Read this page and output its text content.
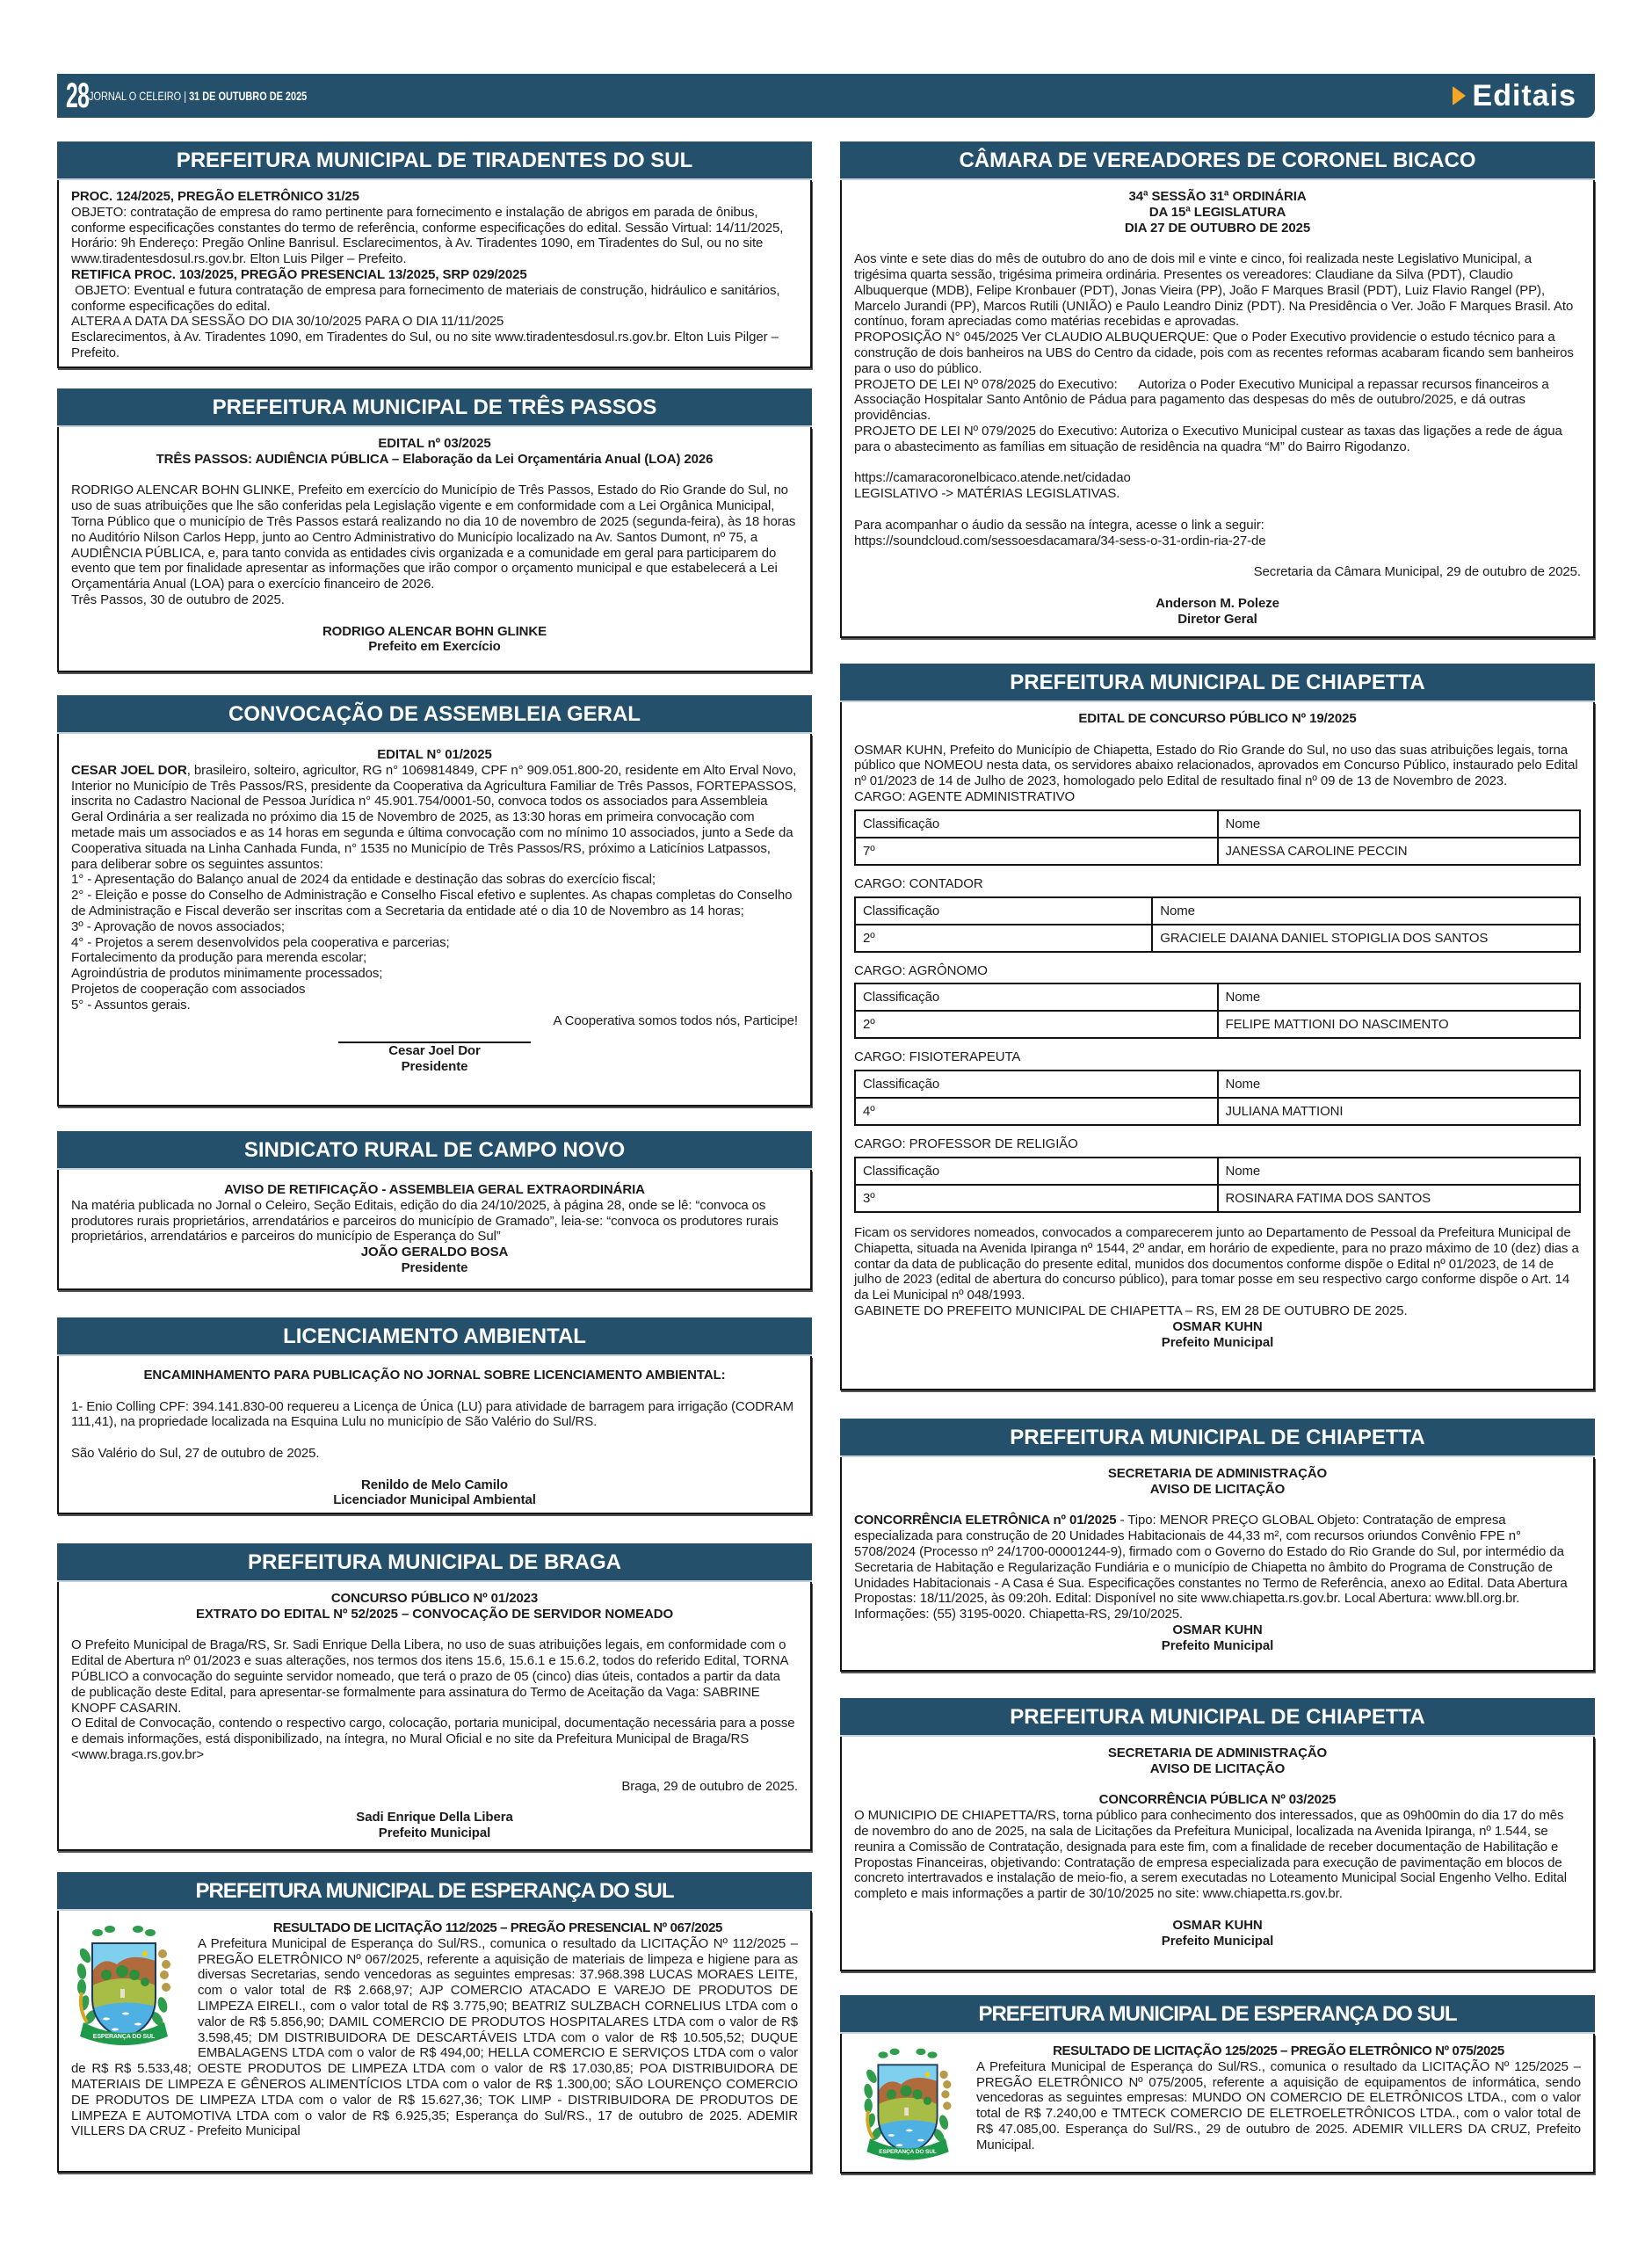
28 JORNAL O CELEIRO | 31 DE OUTUBRO DE 2025	Editais
PREFEITURA MUNICIPAL DE TIRADENTES DO SUL

PROC. 124/2025, PREGÃO ELETRÔNICO 31/25

OBJETO: contratação de empresa do ramo pertinente para fornecimento e instalação de abrigos em parada de ônibus, conforme especificações constantes do termo de referência, conforme especificações do edital. Sessão Virtual: 14/11/2025, Horário: 9h Endereço: Pregão Online Banrisul. Esclarecimentos, à Av. Tiradentes 1090, em Tiradentes do Sul, ou no site www.tiradentesdosul.rs.gov.br. Elton Luis Pilger – Prefeito.

RETIFICA PROC. 103/2025, PREGÃO PRESENCIAL 13/2025, SRP 029/2025

OBJETO: Eventual e futura contratação de empresa para fornecimento de materiais de construção, hidráulico e sanitários, conforme especificações do edital.

ALTERA A DATA DA SESSÃO DO DIA 30/10/2025 PARA O DIA 11/11/2025

Esclarecimentos, à Av. Tiradentes 1090, em Tiradentes do Sul, ou no site www.tiradentesdosul.rs.gov.br. Elton Luis Pilger – Prefeito.

PREFEITURA MUNICIPAL DE TRÊS PASSOS

EDITAL nº 03/2025

TRÊS PASSOS: AUDIÊNCIA PÚBLICA – Elaboração da Lei Orçamentária Anual (LOA) 2026

RODRIGO ALENCAR BOHN GLINKE, Prefeito em exercício do Município de Três Passos, Estado do Rio Grande do Sul, no uso de suas atribuições que lhe são conferidas pela Legislação vigente e em conformidade com a Lei Orgânica Municipal, Torna Público que o município de Três Passos estará realizando no dia 10 de novembro de 2025 (segunda-feira), às 18 horas no Auditório Nilson Carlos Hepp, junto ao Centro Administrativo do Município localizado na Av. Santos Dumont, nº 75, a AUDIÊNCIA PÚBLICA, e, para tanto convida as entidades civis organizada e a comunidade em geral para participarem do evento que tem por finalidade apresentar as informações que irão compor o orçamento municipal e que estabelecerá a Lei Orçamentária Anual (LOA) para o exercício financeiro de 2026.

Três Passos, 30 de outubro de 2025.

RODRIGO ALENCAR BOHN GLINKE

Prefeito em Exercício

CONVOCAÇÃO DE ASSEMBLEIA GERAL

EDITAL N° 01/2025

CESAR JOEL DOR, brasileiro, solteiro, agricultor, RG n° 1069814849, CPF n° 909.051.800-20, residente em Alto Erval Novo, Interior no Município de Três Passos/RS, presidente da Cooperativa da Agricultura Familiar de Três Passos, FORTEPASSOS, inscrita no Cadastro Nacional de Pessoa Jurídica n° 45.901.754/0001-50, convoca todos os associados para Assembleia Geral Ordinária a ser realizada no próximo dia 15 de Novembro de 2025, as 13:30 horas em primeira convocação com metade mais um associados e as 14 horas em segunda e última convocação com no mínimo 10 associados, junto a Sede da Cooperativa situada na Linha Canhada Funda, n° 1535 no Município de Três Passos/RS, próximo a Laticínios Latpassos, para deliberar sobre os seguintes assuntos:

1° - Apresentação do Balanço anual de 2024 da entidade e destinação das sobras do exercício fiscal;

2° - Eleição e posse do Conselho de Administração e Conselho Fiscal efetivo e suplentes. As chapas completas do Conselho de Administração e Fiscal deverão ser inscritas com a Secretaria da entidade até o dia 10 de Novembro as 14 horas;

3º - Aprovação de novos associados;

4° - Projetos a serem desenvolvidos pela cooperativa e parcerias;

Fortalecimento da produção para merenda escolar;

Agroindústria de produtos minimamente processados;

Projetos de cooperação com associados

5° - Assuntos gerais.

A Cooperativa somos todos nós, Participe!

Cesar Joel Dor

Presidente

SINDICATO RURAL DE CAMPO NOVO

AVISO DE RETIFICAÇÃO - ASSEMBLEIA GERAL EXTRAORDINÁRIA

Na matéria publicada no Jornal o Celeiro, Seção Editais, edição do dia 24/10/2025, à página 28, onde se lê: “convoca os produtores rurais proprietários, arrendatários e parceiros do município de Gramado”, leia-se: “convoca os produtores rurais proprietários, arrendatários e parceiros do município de Esperança do Sul”

JOÃO GERALDO BOSA

Presidente

LICENCIAMENTO AMBIENTAL

ENCAMINHAMENTO PARA PUBLICAÇÃO NO JORNAL SOBRE LICENCIAMENTO AMBIENTAL:

1- Enio Colling CPF: 394.141.830-00 requereu a Licença de Única (LU) para atividade de barragem para irrigação (CODRAM 111,41), na propriedade localizada na Esquina Lulu no município de São Valério do Sul/RS.

São Valério do Sul, 27 de outubro de 2025.

Renildo de Melo Camilo

Licenciador Municipal Ambiental

PREFEITURA MUNICIPAL DE BRAGA

CONCURSO PÚBLICO Nº 01/2023

EXTRATO DO EDITAL Nº 52/2025 – CONVOCAÇÃO DE SERVIDOR NOMEADO

O Prefeito Municipal de Braga/RS, Sr. Sadi Enrique Della Libera, no uso de suas atribuições legais, em conformidade com o Edital de Abertura nº 01/2023 e suas alterações, nos termos dos itens 15.6, 15.6.1 e 15.6.2, todos do referido Edital, TORNA PÚBLICO a convocação do seguinte servidor nomeado, que terá o prazo de 05 (cinco) dias úteis, contados a partir da data de publicação deste Edital, para apresentar-se formalmente para assinatura do Termo de Aceitação da Vaga: SABRINE KNOPF CASARIN.

O Edital de Convocação, contendo o respectivo cargo, colocação, portaria municipal, documentação necessária para a posse e demais informações, está disponibilizado, na íntegra, no Mural Oficial e no site da Prefeitura Municipal de Braga/RS <www.braga.rs.gov.br>

Braga, 29 de outubro de 2025.

Sadi Enrique Della Libera

Prefeito Municipal

PREFEITURA MUNICIPAL DE ESPERANÇA DO SUL
ESPERANÇA DO SUL

RESULTADO DE LICITAÇÃO 112/2025 – PREGÃO PRESENCIAL Nº 067/2025

A Prefeitura Municipal de Esperança do Sul/RS., comunica o resultado da LICITAÇÃO Nº 112/2025 – PREGÃO ELETRÔNICO Nº 067/2025, referente a aquisição de materiais de limpeza e higiene para as diversas Secretarias, sendo vencedoras as seguintes empresas: 37.968.398 LUCAS MORAES LEITE, com o valor total de R$ 2.668,97; AJP COMERCIO ATACADO E VAREJO DE PRODUTOS DE LIMPEZA EIRELI., com o valor total de R$ 3.775,90; BEATRIZ SULZBACH CORNELIUS LTDA com o valor de R$ 5.856,90; DAMIL COMERCIO DE PRODUTOS HOSPITALARES LTDA com o valor de R$ 3.598,45; DM DISTRIBUIDORA DE DESCARTÁVEIS LTDA com o valor de R$ 10.505,52; DUQUE EMBALAGENS LTDA com o valor de R$ 494,00; HELLA COMERCIO E SERVIÇOS LTDA com o valor de R$ R$ 5.533,48; OESTE PRODUTOS DE LIMPEZA LTDA com o valor de R$ 17.030,85; POA DISTRIBUIDORA DE MATERIAIS DE LIMPEZA E GÊNEROS ALIMENTÍCIOS LTDA com o valor de R$ 1.300,00; SÃO LOURENÇO COMERCIO DE PRODUTOS DE LIMPEZA LTDA com o valor de R$ 15.627,36; TOK LIMP - DISTRIBUIDORA DE PRODUTOS DE LIMPEZA E AUTOMOTIVA LTDA com o valor de R$ 6.925,35; Esperança do Sul/RS., 17 de outubro de 2025. ADEMIR VILLERS DA CRUZ - Prefeito Municipal

CÂMARA DE VEREADORES DE CORONEL BICACO

34ª SESSÃO 31ª ORDINÁRIA

DA 15ª LEGISLATURA

DIA 27 DE OUTUBRO DE 2025

Aos vinte e sete dias do mês de outubro do ano de dois mil e vinte e cinco, foi realizada neste Legislativo Municipal, a trigésima quarta sessão, trigésima primeira ordinária. Presentes os vereadores: Claudiane da Silva (PDT), Claudio Albuquerque (MDB), Felipe Kronbauer (PDT), Jonas Vieira (PP), João F Marques Brasil (PDT), Luiz Flavio Rangel (PP), Marcelo Jurandi (PP), Marcos Rutili (UNIÃO) e Paulo Leandro Diniz (PDT). Na Presidência o Ver. João F Marques Brasil. Ato contínuo, foram apreciadas como matérias recebidas e aprovadas.

PROPOSIÇÃO N° 045/2025 Ver CLAUDIO ALBUQUERQUE: Que o Poder Executivo providencie o estudo técnico para a construção de dois banheiros na UBS do Centro da cidade, pois com as recentes reformas acabaram ficando sem banheiros para o uso do público.

PROJETO DE LEI Nº 078/2025 do Executivo:      Autoriza o Poder Executivo Municipal a repassar recursos financeiros a Associação Hospitalar Santo Antônio de Pádua para pagamento das despesas do mês de outubro/2025, e dá outras providências.

PROJETO DE LEI Nº 079/2025 do Executivo: Autoriza o Executivo Municipal custear as taxas das ligações a rede de água para o abastecimento as famílias em situação de residência na quadra “M” do Bairro Rigodanzo.

https://camaracoronelbicaco.atende.net/cidadao

LEGISLATIVO -> MATÉRIAS LEGISLATIVAS.

Para acompanhar o áudio da sessão na íntegra, acesse o link a seguir:

https://soundcloud.com/sessoesdacamara/34-sess-o-31-ordin-ria-27-de

Secretaria da Câmara Municipal, 29 de outubro de 2025.

Anderson M. Poleze

Diretor Geral

PREFEITURA MUNICIPAL DE CHIAPETTA

EDITAL DE CONCURSO PÚBLICO Nº 19/2025

OSMAR KUHN, Prefeito do Município de Chiapetta, Estado do Rio Grande do Sul, no uso das suas atribuições legais, torna público que NOMEOU nesta data, os servidores abaixo relacionados, aprovados em Concurso Público, instaurado pelo Edital nº 01/2023 de 14 de Julho de 2023, homologado pelo Edital de resultado final nº 09 de 13 de Novembro de 2023.

CARGO: AGENTE ADMINISTRATIVO

Classificação	Nome
7º	JANESSA CAROLINE PECCIN

CARGO: CONTADOR

Classificação	Nome
2º	GRACIELE DAIANA DANIEL STOPIGLIA DOS SANTOS

CARGO: AGRÔNOMO

Classificação	Nome
2º	FELIPE MATTIONI DO NASCIMENTO

CARGO: FISIOTERAPEUTA

Classificação	Nome
4º	JULIANA MATTIONI

CARGO: PROFESSOR DE RELIGIÃO

Classificação	Nome
3º	ROSINARA FATIMA DOS SANTOS

Ficam os servidores nomeados, convocados a comparecerem junto ao Departamento de Pessoal da Prefeitura Municipal de Chiapetta, situada na Avenida Ipiranga nº 1544, 2º andar, em horário de expediente, para no prazo máximo de 10 (dez) dias a contar da data de publicação do presente edital, munidos dos documentos conforme dispõe o Edital nº 01/2023, de 14 de julho de 2023 (edital de abertura do concurso público), para tomar posse em seu respectivo cargo conforme dispõe o Art. 14 da Lei Municipal nº 048/1993.

GABINETE DO PREFEITO MUNICIPAL DE CHIAPETTA – RS, EM 28 DE OUTUBRO DE 2025.

OSMAR KUHN

Prefeito Municipal

PREFEITURA MUNICIPAL DE CHIAPETTA

SECRETARIA DE ADMINISTRAÇÃO

AVISO DE LICITAÇÃO

CONCORRÊNCIA ELETRÔNICA nº 01/2025 - Tipo: MENOR PREÇO GLOBAL Objeto: Contratação de empresa especializada para construção de 20 Unidades Habitacionais de 44,33 m², com recursos oriundos Convênio FPE n° 5708/2024 (Processo nº 24/1700-00001244-9), firmado com o Governo do Estado do Rio Grande do Sul, por intermédio da Secretaria de Habitação e Regularização Fundiária e o município de Chiapetta no âmbito do Programa de Construção de Unidades Habitacionais - A Casa é Sua. Especificações constantes no Termo de Referência, anexo ao Edital. Data Abertura Propostas: 18/11/2025, às 09:20h. Edital: Disponível no site www.chiapetta.rs.gov.br. Local Abertura: www.bll.org.br. Informações: (55) 3195-0020. Chiapetta-RS, 29/10/2025.

OSMAR KUHN

Prefeito Municipal

PREFEITURA MUNICIPAL DE CHIAPETTA

SECRETARIA DE ADMINISTRAÇÃO

AVISO DE LICITAÇÃO

CONCORRÊNCIA PÚBLICA Nº 03/2025

O MUNICIPIO DE CHIAPETTA/RS, torna público para conhecimento dos interessados, que as 09h00min do dia 17 do mês de novembro do ano de 2025, na sala de Licitações da Prefeitura Municipal, localizada na Avenida Ipiranga, nº 1.544, se reunira a Comissão de Contratação, designada para este fim, com a finalidade de receber documentação de Habilitação e Propostas Financeiras, objetivando: Contratação de empresa especializada para execução de pavimentação em blocos de concreto intertravados e instalação de meio-fio, a serem executadas no Loteamento Municipal Social Engenho Velho. Edital completo e mais informações a partir de 30/10/2025 no site: www.chiapetta.rs.gov.br.

OSMAR KUHN

Prefeito Municipal

PREFEITURA MUNICIPAL DE ESPERANÇA DO SUL
ESPERANÇA DO SUL

RESULTADO DE LICITAÇÃO 125/2025 – PREGÃO ELETRÔNICO Nº 075/2025

A Prefeitura Municipal de Esperança do Sul/RS., comunica o resultado da LICITAÇÃO Nº 125/2025 – PREGÃO ELETRÔNICO Nº 075/2005, referente a aquisição de equipamentos de informática, sendo vencedoras as seguintes empresas: MUNDO ON COMERCIO DE ELETRÔNICOS LTDA., com o valor total de R$ 7.240,00 e TMTECK COMERCIO DE ELETROELETRÔNICOS LTDA., com o valor total de R$ 47.085,00. Esperança do Sul/RS., 29 de outubro de 2025. ADEMIR VILLERS DA CRUZ, Prefeito Municipal.
